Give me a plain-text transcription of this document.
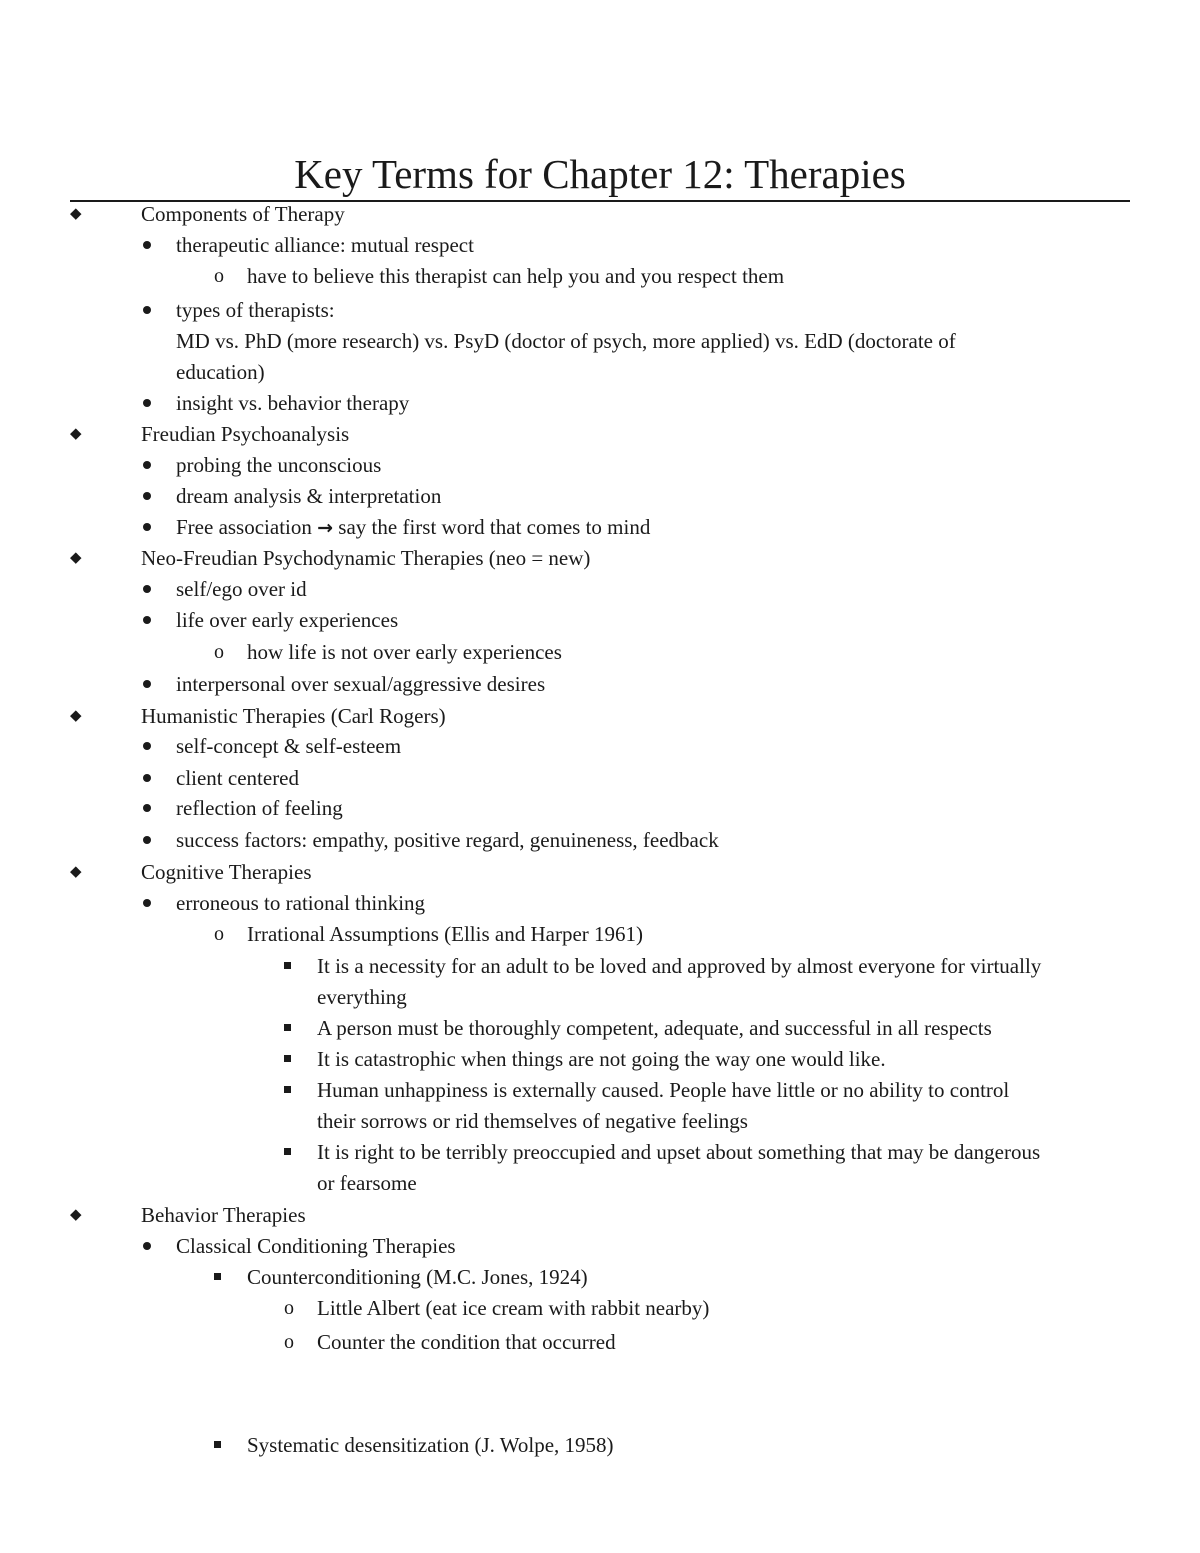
Key Terms for Chapter 12: Therapies
◆	Components of Therapy
therapeutic alliance: mutual respect
o have to believe this therapist can help you and you respect them
types of therapists:
MD vs. PhD (more research) vs. PsyD (doctor of psych, more applied) vs. EdD (doctorate of
education)
insight vs. behavior therapy
◆	Freudian Psychoanalysis
probing the unconscious
dream analysis & interpretation
Free association → say the first word that comes to mind
◆	Neo-Freudian Psychodynamic Therapies (neo = new)
self/ego over id
life over early experiences
o how life is not over early experiences
interpersonal over sexual/aggressive desires
◆	Humanistic Therapies (Carl Rogers)
self-concept & self-esteem
client centered
reflection of feeling
success factors: empathy, positive regard, genuineness, feedback
◆	Cognitive Therapies
erroneous to rational thinking
o Irrational Assumptions (Ellis and Harper 1961)
It is a necessity for an adult to be loved and approved by almost everyone for virtually
everything
A person must be thoroughly competent, adequate, and successful in all respects
It is catastrophic when things are not going the way one would like.
Human unhappiness is externally caused. People have little or no ability to control
their sorrows or rid themselves of negative feelings
It is right to be terribly preoccupied and upset about something that may be dangerous
or fearsome
◆	Behavior Therapies
Classical Conditioning Therapies
Counterconditioning (M.C. Jones, 1924)
o Little Albert (eat ice cream with rabbit nearby)
o Counter the condition that occurred
Systematic desensitization (J. Wolpe, 1958)
